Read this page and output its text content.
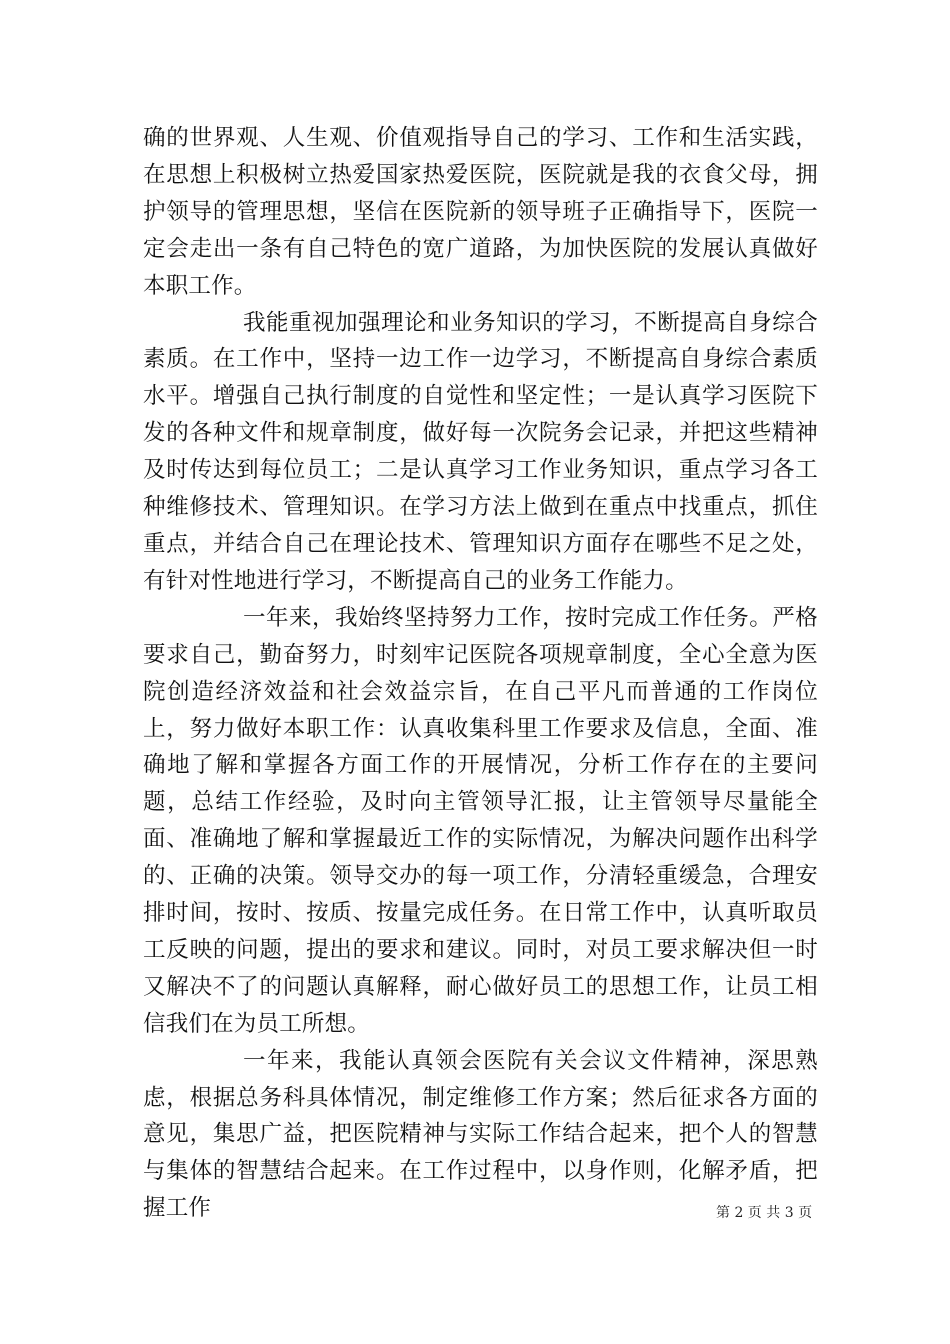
确的世界观、人生观、价值观指导自己的学习、工作和生活实践，在思想上积极树立热爱国家热爱医院，医院就是我的衣食父母，拥护领导的管理思想，坚信在医院新的领导班子正确指导下，医院一定会走出一条有自己特色的宽广道路，为加快医院的发展认真做好本职工作。

我能重视加强理论和业务知识的学习，不断提高自身综合素质。在工作中，坚持一边工作一边学习，不断提高自身综合素质水平。增强自己执行制度的自觉性和坚定性；一是认真学习医院下发的各种文件和规章制度，做好每一次院务会记录，并把这些精神及时传达到每位员工；二是认真学习工作业务知识，重点学习各工种维修技术、管理知识。在学习方法上做到在重点中找重点，抓住重点，并结合自己在理论技术、管理知识方面存在哪些不足之处，有针对性地进行学习，不断提高自己的业务工作能力。

一年来，我始终坚持努力工作，按时完成工作任务。严格要求自己，勤奋努力，时刻牢记医院各项规章制度，全心全意为医院创造经济效益和社会效益宗旨，在自己平凡而普通的工作岗位上，努力做好本职工作：认真收集科里工作要求及信息，全面、准确地了解和掌握各方面工作的开展情况，分析工作存在的主要问题，总结工作经验，及时向主管领导汇报，让主管领导尽量能全面、准确地了解和掌握最近工作的实际情况，为解决问题作出科学的、正确的决策。领导交办的每一项工作，分清轻重缓急，合理安排时间，按时、按质、按量完成任务。在日常工作中，认真听取员工反映的问题，提出的要求和建议。同时，对员工要求解决但一时又解决不了的问题认真解释，耐心做好员工的思想工作，让员工相信我们在为员工所想。

一年来，我能认真领会医院有关会议文件精神，深思熟虑，根据总务科具体情况，制定维修工作方案；然后征求各方面的意见，集思广益，把医院精神与实际工作结合起来，把个人的智慧与集体的智慧结合起来。在工作过程中，以身作则，化解矛盾，把握工作	第 2 页 共 3 页
